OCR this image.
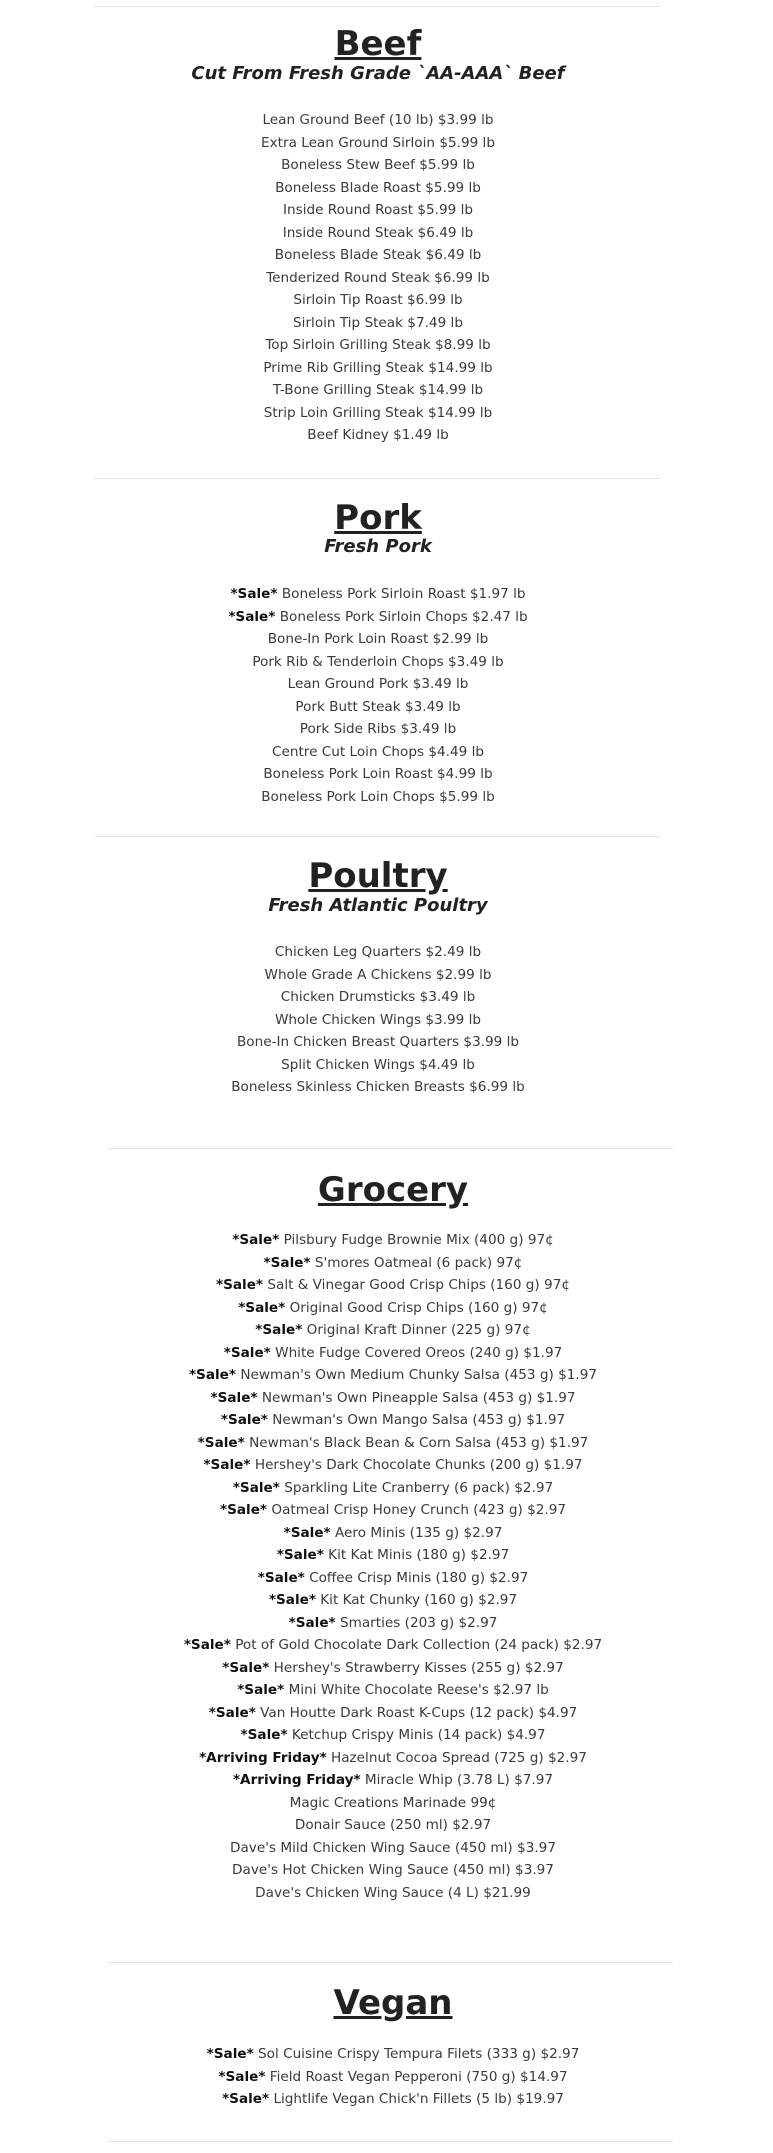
Beef
Cut From Fresh Grade `AA-AAA` Beef
Lean Ground Beef (10 lb) $3.99 lb
Extra Lean Ground Sirloin $5.99 lb
Boneless Stew Beef $5.99 lb
Boneless Blade Roast $5.99 lb
Inside Round Roast $5.99 lb
Inside Round Steak $6.49 lb
Boneless Blade Steak $6.49 lb
Tenderized Round Steak $6.99 lb
Sirloin Tip Roast $6.99 lb
Sirloin Tip Steak $7.49 lb
Top Sirloin Grilling Steak $8.99 lb
Prime Rib Grilling Steak $14.99 lb
T-Bone Grilling Steak $14.99 lb
Strip Loin Grilling Steak $14.99 lb
Beef Kidney $1.49 lb
Pork
Fresh Pork
*Sale* Boneless Pork Sirloin Roast $1.97 lb
*Sale* Boneless Pork Sirloin Chops $2.47 lb
Bone-In Pork Loin Roast $2.99 lb
Pork Rib & Tenderloin Chops $3.49 lb
Lean Ground Pork $3.49 lb
Pork Butt Steak $3.49 lb
Pork Side Ribs $3.49 lb
Centre Cut Loin Chops $4.49 lb
Boneless Pork Loin Roast $4.99 lb
Boneless Pork Loin Chops $5.99 lb
Poultry
Fresh Atlantic Poultry
Chicken Leg Quarters $2.49 lb
Whole Grade A Chickens $2.99 lb
Chicken Drumsticks $3.49 lb
Whole Chicken Wings $3.99 lb
Bone-In Chicken Breast Quarters $3.99 lb
Split Chicken Wings $4.49 lb
Boneless Skinless Chicken Breasts $6.99 lb
Grocery
*Sale* Pilsbury Fudge Brownie Mix (400 g) 97¢
*Sale* S'mores Oatmeal (6 pack) 97¢
*Sale* Salt & Vinegar Good Crisp Chips (160 g) 97¢
*Sale* Original Good Crisp Chips (160 g) 97¢
*Sale* Original Kraft Dinner (225 g) 97¢
*Sale* White Fudge Covered Oreos (240 g) $1.97
*Sale* Newman's Own Medium Chunky Salsa (453 g) $1.97
*Sale* Newman's Own Pineapple Salsa (453 g) $1.97
*Sale* Newman's Own Mango Salsa (453 g) $1.97
*Sale* Newman's Black Bean & Corn Salsa (453 g) $1.97
*Sale* Hershey's Dark Chocolate Chunks (200 g) $1.97
*Sale* Sparkling Lite Cranberry (6 pack) $2.97
*Sale* Oatmeal Crisp Honey Crunch (423 g) $2.97
*Sale* Aero Minis (135 g) $2.97
*Sale* Kit Kat Minis (180 g) $2.97
*Sale* Coffee Crisp Minis (180 g) $2.97
*Sale* Kit Kat Chunky (160 g) $2.97
*Sale* Smarties (203 g) $2.97
*Sale* Pot of Gold Chocolate Dark Collection (24 pack) $2.97
*Sale* Hershey's Strawberry Kisses (255 g) $2.97
*Sale* Mini White Chocolate Reese's $2.97 lb
*Sale* Van Houtte Dark Roast K-Cups (12 pack) $4.97
*Sale* Ketchup Crispy Minis (14 pack) $4.97
*Arriving Friday* Hazelnut Cocoa Spread (725 g) $2.97
*Arriving Friday* Miracle Whip (3.78 L) $7.97
Magic Creations Marinade 99¢
Donair Sauce (250 ml) $2.97
Dave's Mild Chicken Wing Sauce (450 ml) $3.97
Dave's Hot Chicken Wing Sauce (450 ml) $3.97
Dave's Chicken Wing Sauce (4 L) $21.99
Vegan
*Sale* Sol Cuisine Crispy Tempura Filets (333 g) $2.97
*Sale* Field Roast Vegan Pepperoni (750 g) $14.97
*Sale* Lightlife Vegan Chick'n Fillets (5 lb) $19.97
